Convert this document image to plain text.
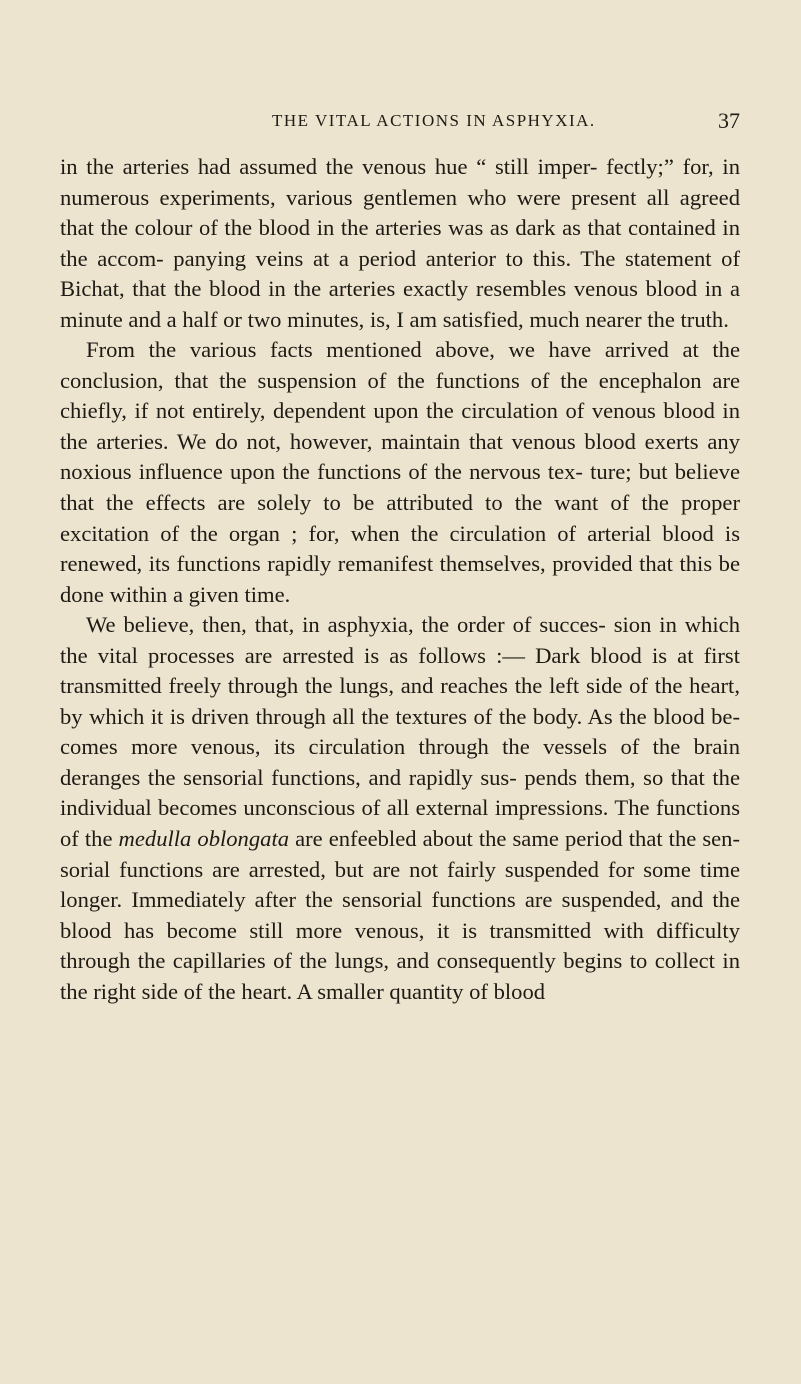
THE VITAL ACTIONS IN ASPHYXIA.	37

in the arteries had assumed the venous hue “ still imper- fectly;” for, in numerous experiments, various gentlemen who were present all agreed that the colour of the blood in the arteries was as dark as that contained in the accom- panying veins at a period anterior to this. The statement of Bichat, that the blood in the arteries exactly resembles venous blood in a minute and a half or two minutes, is, I am satisfied, much nearer the truth.

From the various facts mentioned above, we have arrived at the conclusion, that the suspension of the functions of the encephalon are chiefly, if not entirely, dependent upon the circulation of venous blood in the arteries. We do not, however, maintain that venous blood exerts any noxious influence upon the functions of the nervous tex- ture; but believe that the effects are solely to be attributed to the want of the proper excitation of the organ ; for, when the circulation of arterial blood is renewed, its functions rapidly remanifest themselves, provided that this be done within a given time.

We believe, then, that, in asphyxia, the order of succes- sion in which the vital processes are arrested is as follows :— Dark blood is at first transmitted freely through the lungs, and reaches the left side of the heart, by which it is driven through all the textures of the body. As the blood be- comes more venous, its circulation through the vessels of the brain deranges the sensorial functions, and rapidly sus- pends them, so that the individual becomes unconscious of all external impressions. The functions of the medulla oblongata are enfeebled about the same period that the sen- sorial functions are arrested, but are not fairly suspended for some time longer. Immediately after the sensorial functions are suspended, and the blood has become still more venous, it is transmitted with difficulty through the capillaries of the lungs, and consequently begins to collect in the right side of the heart. A smaller quantity of blood
